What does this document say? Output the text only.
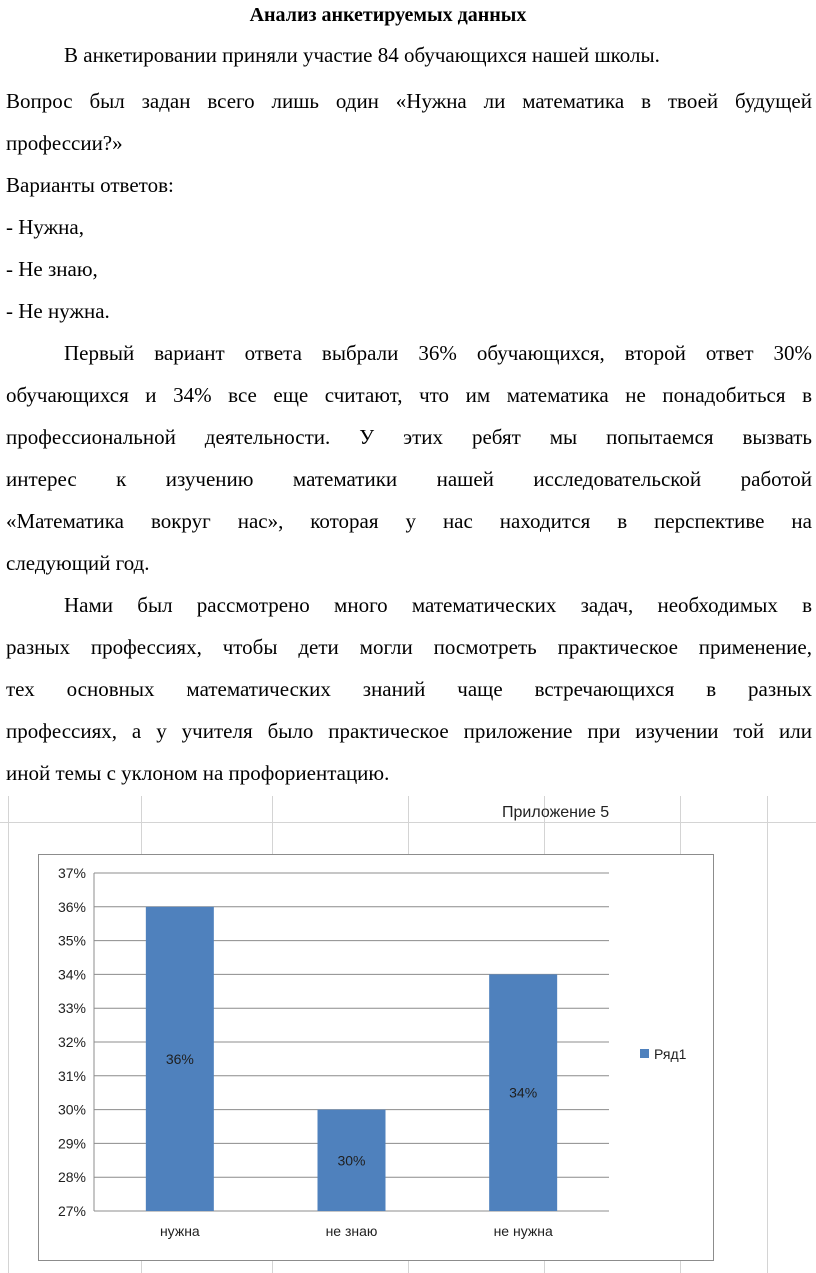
Анализ анкетируемых данных
В анкетировании приняли участие 84 обучающихся нашей школы.
Вопрос был задан всего лишь один «Нужна ли математика в твоей будущей
профессии?»
Варианты ответов:
- Нужна,
- Не знаю,
- Не нужна.
Первый вариант ответа выбрали 36% обучающихся, второй ответ 30%
обучающихся и 34% все еще считают, что им математика не понадобиться в
профессиональной деятельности. У этих ребят мы попытаемся вызвать
интерес к изучению математики нашей исследовательской работой
«Математика вокруг нас», которая у нас находится в перспективе на
следующий год.
Нами был рассмотрено много математических задач, необходимых в
разных профессиях, чтобы дети могли посмотреть практическое применение,
тех основных математических знаний чаще встречающихся в разных
профессиях, а у учителя было практическое приложение при изучении той или
иной темы с уклоном на профориентацию.
Приложение 5
27%
28%
29%
30%
31%
32%
33%
34%
35%
36%
37%
36%
нужна
30%
не знаю
34%
не нужна
Ряд1
